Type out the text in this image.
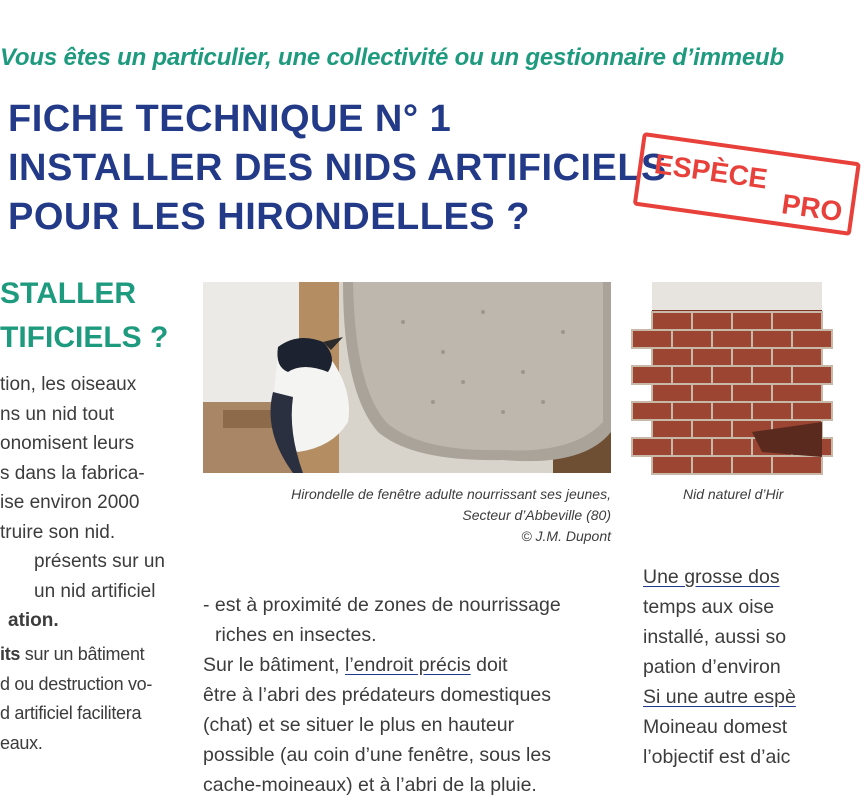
Vous êtes un particulier, une collectivité ou un gestionnaire d’immeub
FICHE TECHNIQUE N° 1
INSTALLER DES NIDS ARTIFICIELS
POUR LES HIRONDELLES ?
ESPÈCEPRO
STALLER
TIFICIELS ?
tion, les oiseaux
ns un nid tout
onomisent leurs
s dans la fabrica-
ise environ 2000
truire son nid.
présents sur un
un nid artificiel
ation.
its sur un bâtiment
d ou destruction vo-
d artificiel facilitera
eaux.
Hirondelle de fenêtre adulte nourrissant ses jeunes,
Secteur d’Abbeville (80)
© J.M. Dupont
Nid naturel d’Hir
- est à proximité de zones de nourrissage
riches en insectes.
Sur le bâtiment, l’endroit précis doit
être à l’abri des prédateurs domestiques
(chat) et se situer le plus en hauteur
possible (au coin d’une fenêtre, sous les
cache-moineaux) et à l’abri de la pluie.
Une grosse dos
temps aux oise
installé, aussi so
pation d’environ
Si une autre espè
Moineau domest
l’objectif est d’aic
